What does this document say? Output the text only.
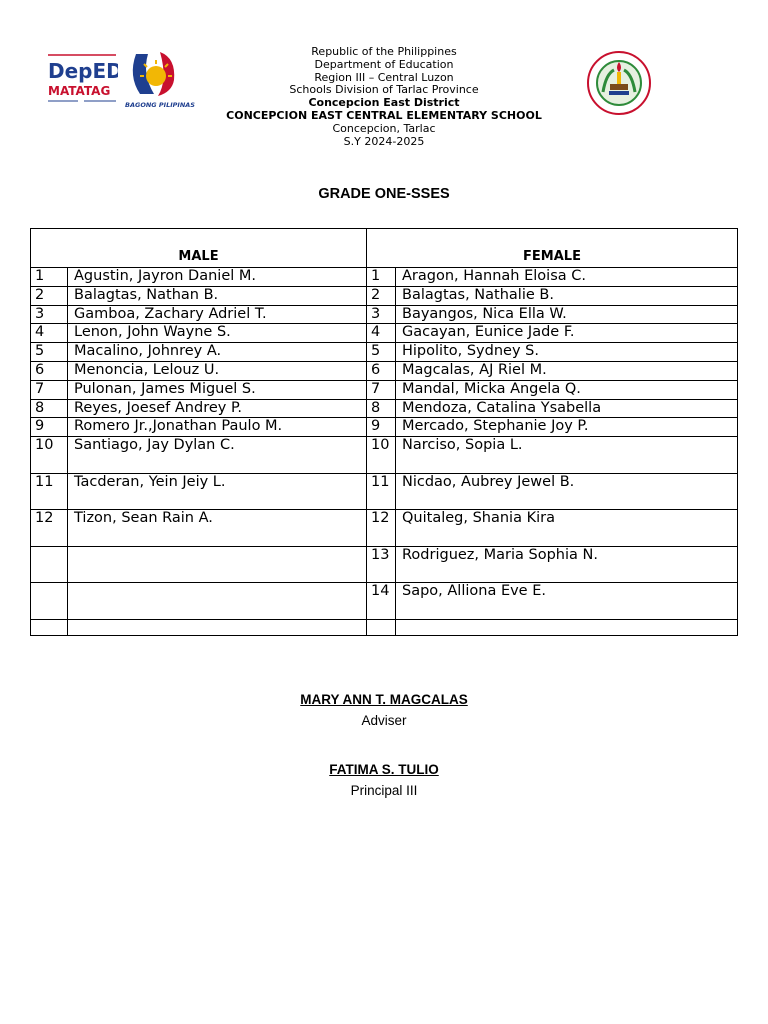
DepED
MATATAG
BAGONG PILIPINAS
Republic of the Philippines
Department of Education
Region III – Central Luzon
Schools Division of Tarlac Province
Concepcion East District
CONCEPCION EAST CENTRAL ELEMENTARY SCHOOL
Concepcion, Tarlac
S.Y 2024-2025
GRADE ONE-SSES
MALE		FEMALE	
1	Agustin, Jayron Daniel M.	1	Aragon, Hannah Eloisa C.
2	Balagtas, Nathan B.	2	Balagtas, Nathalie B.
3	Gamboa, Zachary Adriel T.	3	Bayangos, Nica Ella W.
4	Lenon, John Wayne S.	4	Gacayan, Eunice Jade F.
5	Macalino, Johnrey A.	5	Hipolito, Sydney S.
6	Menoncia, Lelouz U.	6	Magcalas, AJ Riel M.
7	Pulonan, James Miguel S.	7	Mandal, Micka Angela Q.
8	Reyes, Joesef Andrey P.	8	Mendoza, Catalina Ysabella
9	Romero Jr.,Jonathan Paulo M.	9	Mercado, Stephanie Joy P.
10	Santiago, Jay Dylan C.	10	Narciso, Sopia L.
11	Tacderan, Yein Jeiy L.	11	Nicdao, Aubrey Jewel B.
12	Tizon, Sean Rain A.	12	Quitaleg, Shania Kira
		13	Rodriguez, Maria Sophia N.
		14	Sapo, Alliona Eve E.

MARY ANN T. MAGCALAS
Adviser
FATIMA S. TULIO
Principal III
